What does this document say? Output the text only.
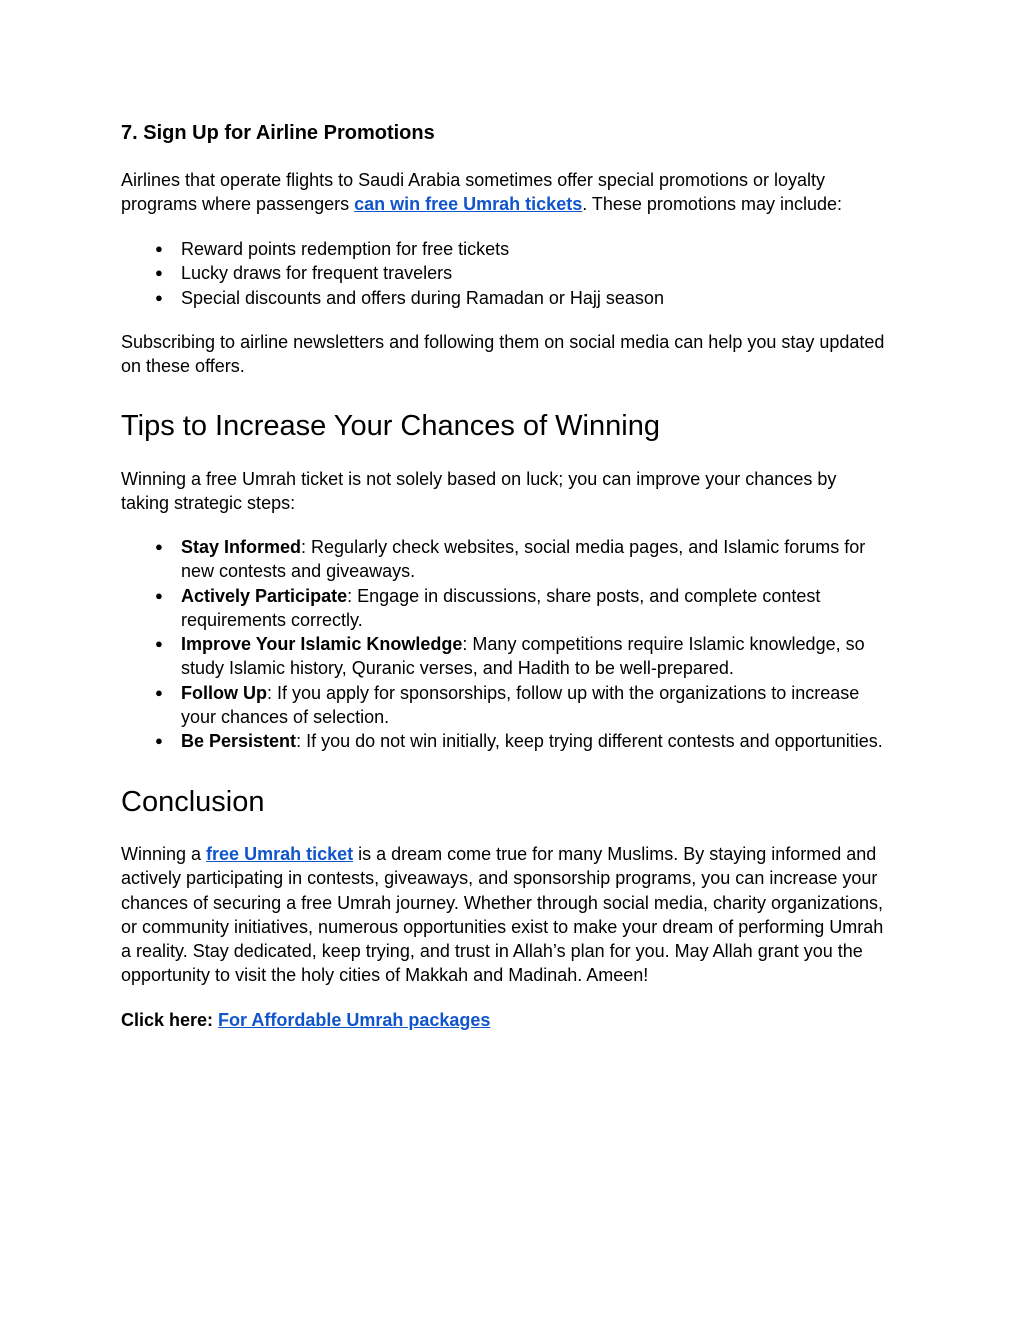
7. Sign Up for Airline Promotions

Airlines that operate flights to Saudi Arabia sometimes offer special promotions or loyalty
programs where passengers can win free Umrah tickets. These promotions may include:

● Reward points redemption for free tickets
● Lucky draws for frequent travelers
● Special discounts and offers during Ramadan or Hajj season

Subscribing to airline newsletters and following them on social media can help you stay updated
on these offers.

Tips to Increase Your Chances of Winning

Winning a free Umrah ticket is not solely based on luck; you can improve your chances by
taking strategic steps:

● Stay Informed: Regularly check websites, social media pages, and Islamic forums for
new contests and giveaways.
● Actively Participate: Engage in discussions, share posts, and complete contest
requirements correctly.
● Improve Your Islamic Knowledge: Many competitions require Islamic knowledge, so
study Islamic history, Quranic verses, and Hadith to be well-prepared.
● Follow Up: If you apply for sponsorships, follow up with the organizations to increase
your chances of selection.
● Be Persistent: If you do not win initially, keep trying different contests and opportunities.
Conclusion

Winning a free Umrah ticket is a dream come true for many Muslims. By staying informed and
actively participating in contests, giveaways, and sponsorship programs, you can increase your
chances of securing a free Umrah journey. Whether through social media, charity organizations,
or community initiatives, numerous opportunities exist to make your dream of performing Umrah
a reality. Stay dedicated, keep trying, and trust in Allah’s plan for you. May Allah grant you the
opportunity to visit the holy cities of Makkah and Madinah. Ameen!

Click here: For Affordable Umrah packages
